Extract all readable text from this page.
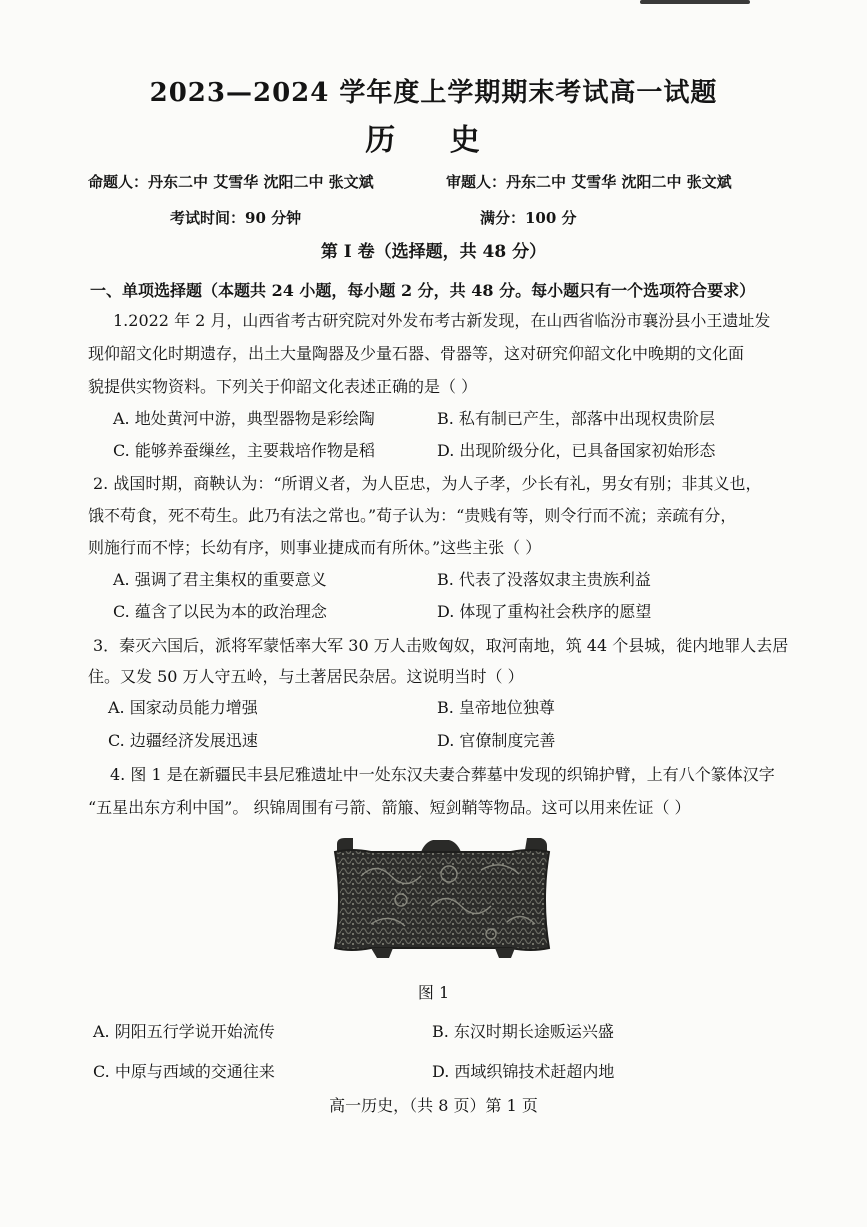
2023—2024 学年度上学期期末考试高一试题
历 史
命题人：丹东二中 艾雪华 沈阳二中 张文斌	审题人：丹东二中 艾雪华 沈阳二中 张文斌
考试时间：90 分钟	满分：100 分
第 Ⅰ 卷（选择题，共 48 分）
一、单项选择题（本题共 24 小题，每小题 2 分，共 48 分。每小题只有一个选项符合要求）
1.2022 年 2 月，山西省考古研究院对外发布考古新发现，在山西省临汾市襄汾县小王遗址发
现仰韶文化时期遗存，出土大量陶器及少量石器、骨器等，这对研究仰韶文化中晚期的文化面
貌提供实物资料。下列关于仰韶文化表述正确的是（ ）
A. 地处黄河中游，典型器物是彩绘陶	B. 私有制已产生，部落中出现权贵阶层
C. 能够养蚕缫丝，主要栽培作物是稻	D. 出现阶级分化，已具备国家初始形态
2. 战国时期，商鞅认为：“所谓义者，为人臣忠，为人子孝，少长有礼，男女有别；非其义也，
饿不苟食，死不苟生。此乃有法之常也。”荀子认为：“贵贱有等，则令行而不流；亲疏有分，
则施行而不悖；长幼有序，则事业捷成而有所休。”这些主张（ ）
A. 强调了君主集权的重要意义	B. 代表了没落奴隶主贵族利益
C. 蕴含了以民为本的政治理念	D. 体现了重构社会秩序的愿望
3．秦灭六国后，派将军蒙恬率大军 30 万人击败匈奴，取河南地，筑 44 个县城，徙内地罪人去居
住。又发 50 万人守五岭，与土著居民杂居。这说明当时（ ）
A. 国家动员能力增强	B. 皇帝地位独尊
C. 边疆经济发展迅速	D. 官僚制度完善
4. 图 1 是在新疆民丰县尼雅遗址中一处东汉夫妻合葬墓中发现的织锦护臂，上有八个篆体汉字
“五星出东方利中国”。 织锦周围有弓箭、箭箙、短剑鞘等物品。这可以用来佐证（ ）
图 1
A. 阴阳五行学说开始流传	B. 东汉时期长途贩运兴盛
C. 中原与西域的交通往来	D. 西域织锦技术赶超内地
高一历史，（共 8 页）第 1 页
